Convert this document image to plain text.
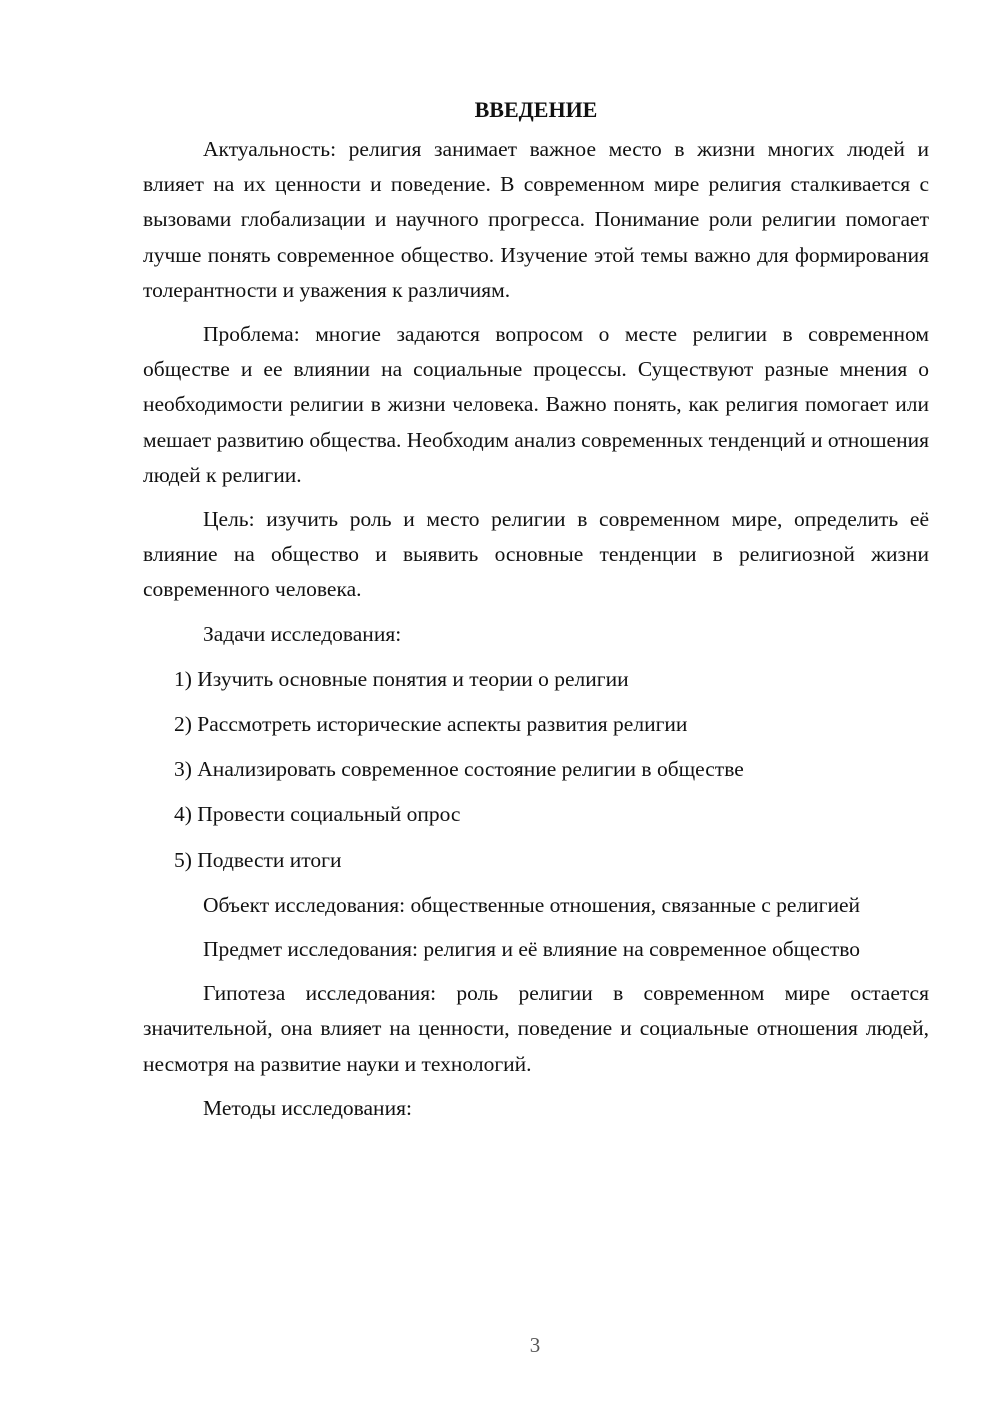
ВВЕДЕНИЕ

Актуальность: религия занимает важное место в жизни многих людей и влияет на их ценности и поведение. В современном мире религия сталкивается с вызовами глобализации и научного прогресса. Понимание роли религии помогает лучше понять современное общество. Изучение этой темы важно для формирования толерантности и уважения к различиям.

Проблема: многие задаются вопросом о месте религии в современном обществе и ее влиянии на социальные процессы. Существуют разные мнения о необходимости религии в жизни человека. Важно понять, как религия помогает или мешает развитию общества. Необходим анализ современных тенденций и отношения людей к религии.

Цель: изучить роль и место религии в современном мире, определить её влияние на общество и выявить основные тенденции в религиозной жизни современного человека.

Задачи исследования:

1) Изучить основные понятия и теории о религии

2) Рассмотреть исторические аспекты развития религии

3) Анализировать современное состояние религии в обществе

4) Провести социальный опрос

5) Подвести итоги

Объект исследования: общественные отношения, связанные с религией

Предмет исследования: религия и её влияние на современное общество

Гипотеза исследования: роль религии в современном мире остается значительной, она влияет на ценности, поведение и социальные отношения людей, несмотря на развитие науки и технологий.

Методы исследования:

3
